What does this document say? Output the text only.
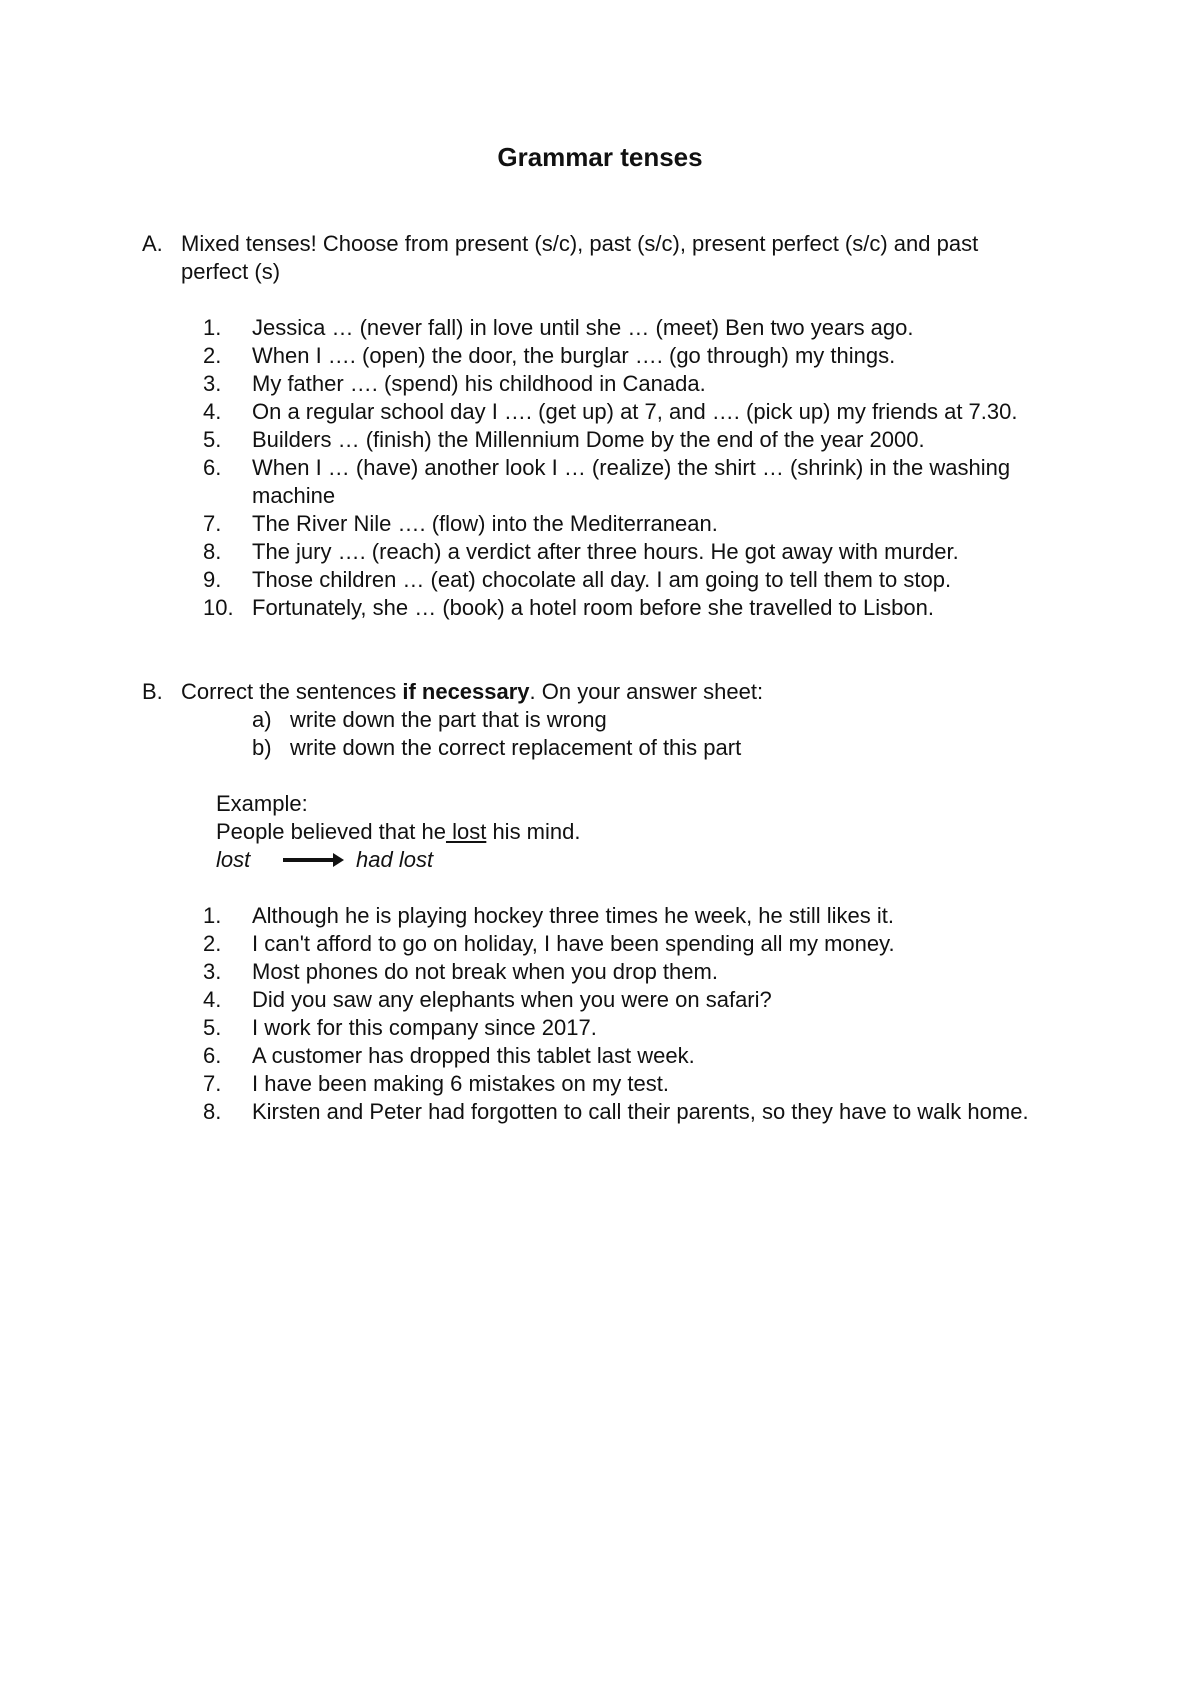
Grammar tenses
A. Mixed tenses! Choose from present (s/c), past (s/c), present perfect (s/c) and past perfect (s)
1.	Jessica … (never fall) in love until she … (meet) Ben two years ago.
2.	When I …. (open) the door, the burglar …. (go through) my things.
3.	My father …. (spend) his childhood in Canada.
4.	On a regular school day I …. (get up) at 7, and …. (pick up) my friends at 7.30.
5.	Builders … (finish) the Millennium Dome by the end of the year 2000.
6.	When I … (have) another look I … (realize) the shirt … (shrink) in the washing machine
7.	The River Nile …. (flow) into the Mediterranean.
8.	The jury …. (reach) a verdict after three hours. He got away with murder.
9.	Those children … (eat) chocolate all day. I am going to tell them to stop.
10. Fortunately, she … (book) a hotel room before she travelled to Lisbon.
B. Correct the sentences if necessary. On your answer sheet:
a) write down the part that is wrong
b) write down the correct replacement of this part
Example:
People believed that he lost his mind.
lost	had lost
1.	Although he is playing hockey three times he week, he still likes it.
2.	I can't afford to go on holiday, I have been spending all my money.
3.	Most phones do not break when you drop them.
4.	Did you saw any elephants when you were on safari?
5.	I work for this company since 2017.
6.	A customer has dropped this tablet last week.
7.	I have been making 6 mistakes on my test.
8.	Kirsten and Peter had forgotten to call their parents, so they have to walk home.
